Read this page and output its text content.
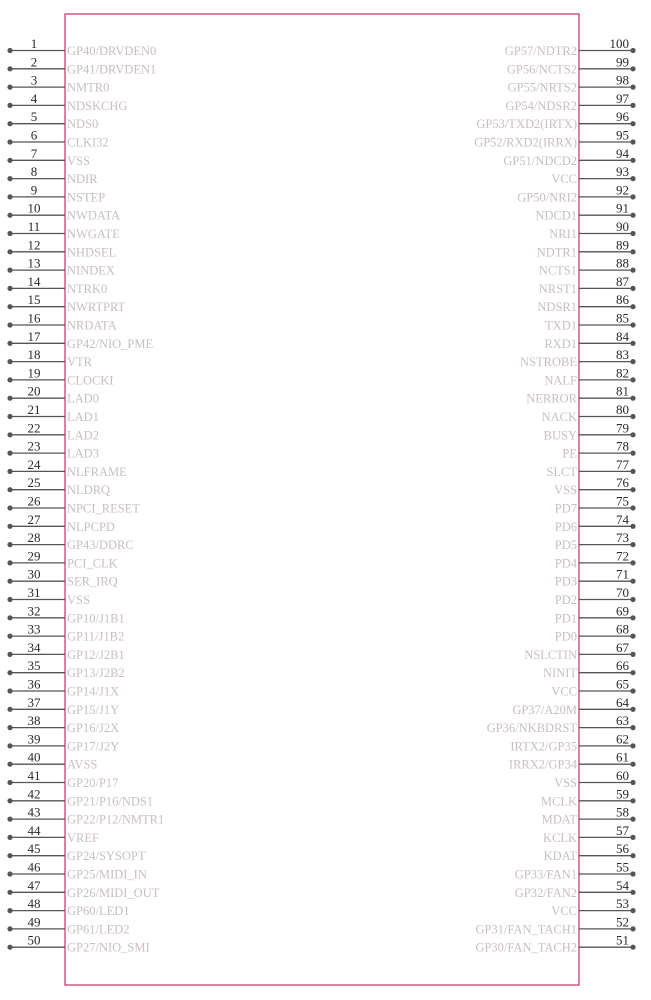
1 GP40/DRVDEN0
2 GP41/DRVDEN1
3 NMTR0
4 NDSKCHG
5 NDS0
6 CLKI32
7 VSS
8 NDIR
9 NSTEP
10 NWDATA
11 NWGATE
12 NHDSEL
13 NINDEX
14 NTRK0
15 NWRTPRT
16 NRDATA
17 GP42/NIO_PME
18 VTR
19 CLOCKI
20 LAD0
21 LAD1
22 LAD2
23 LAD3
24 NLFRAME
25 NLDRQ
26 NPCI_RESET
27 NLPCPD
28 GP43/DDRC
29 PCI_CLK
30 SER_IRQ
31 VSS
32 GP10/J1B1
33 GP11/J1B2
34 GP12/J2B1
35 GP13/J2B2
36 GP14/J1X
37 GP15/J1Y
38 GP16/J2X
39 GP17/J2Y
40 AVSS
41 GP20/P17
42 GP21/P16/NDS1
43 GP22/P12/NMTR1
44 VREF
45 GP24/SYSOPT
46 GP25/MIDI_IN
47 GP26/MIDI_OUT
48 GP60/LED1
49 GP61/LED2
50 GP27/NIO_SMI
100
GP57/NDTR2
99
GP56/NCTS2
98
GP55/NRTS2
97
GP54/NDSR2
96
GP53/TXD2(IRTX)
95
GP52/RXD2(IRRX)
94
GP51/NDCD2
93
VCC
92
GP50/NRI2
91
NDCD1
90
NRI1
89
NDTR1
88
NCTS1
87
NRST1
86
NDSR1
85
TXD1
84
RXD1
83
NSTROBE
82
NALF
81
NERROR
80
NACK
79
BUSY
78
PE
77
SLCT
76
VSS
75
PD7
74
PD6
73
PD5
72
PD4
71
PD3
70
PD2
69
PD1
68
PD0
67
NSLCTIN
66
NINIT
65
VCC
64
GP37/A20M
63
GP36/NKBDRST
62
IRTX2/GP35
61
IRRX2/GP34
60
VSS
59
MCLK
58
MDAT
57
KCLK
56
KDAT
55
GP33/FAN1
54
GP32/FAN2
53
VCC
52
GP31/FAN_TACH1
51
GP30/FAN_TACH2
